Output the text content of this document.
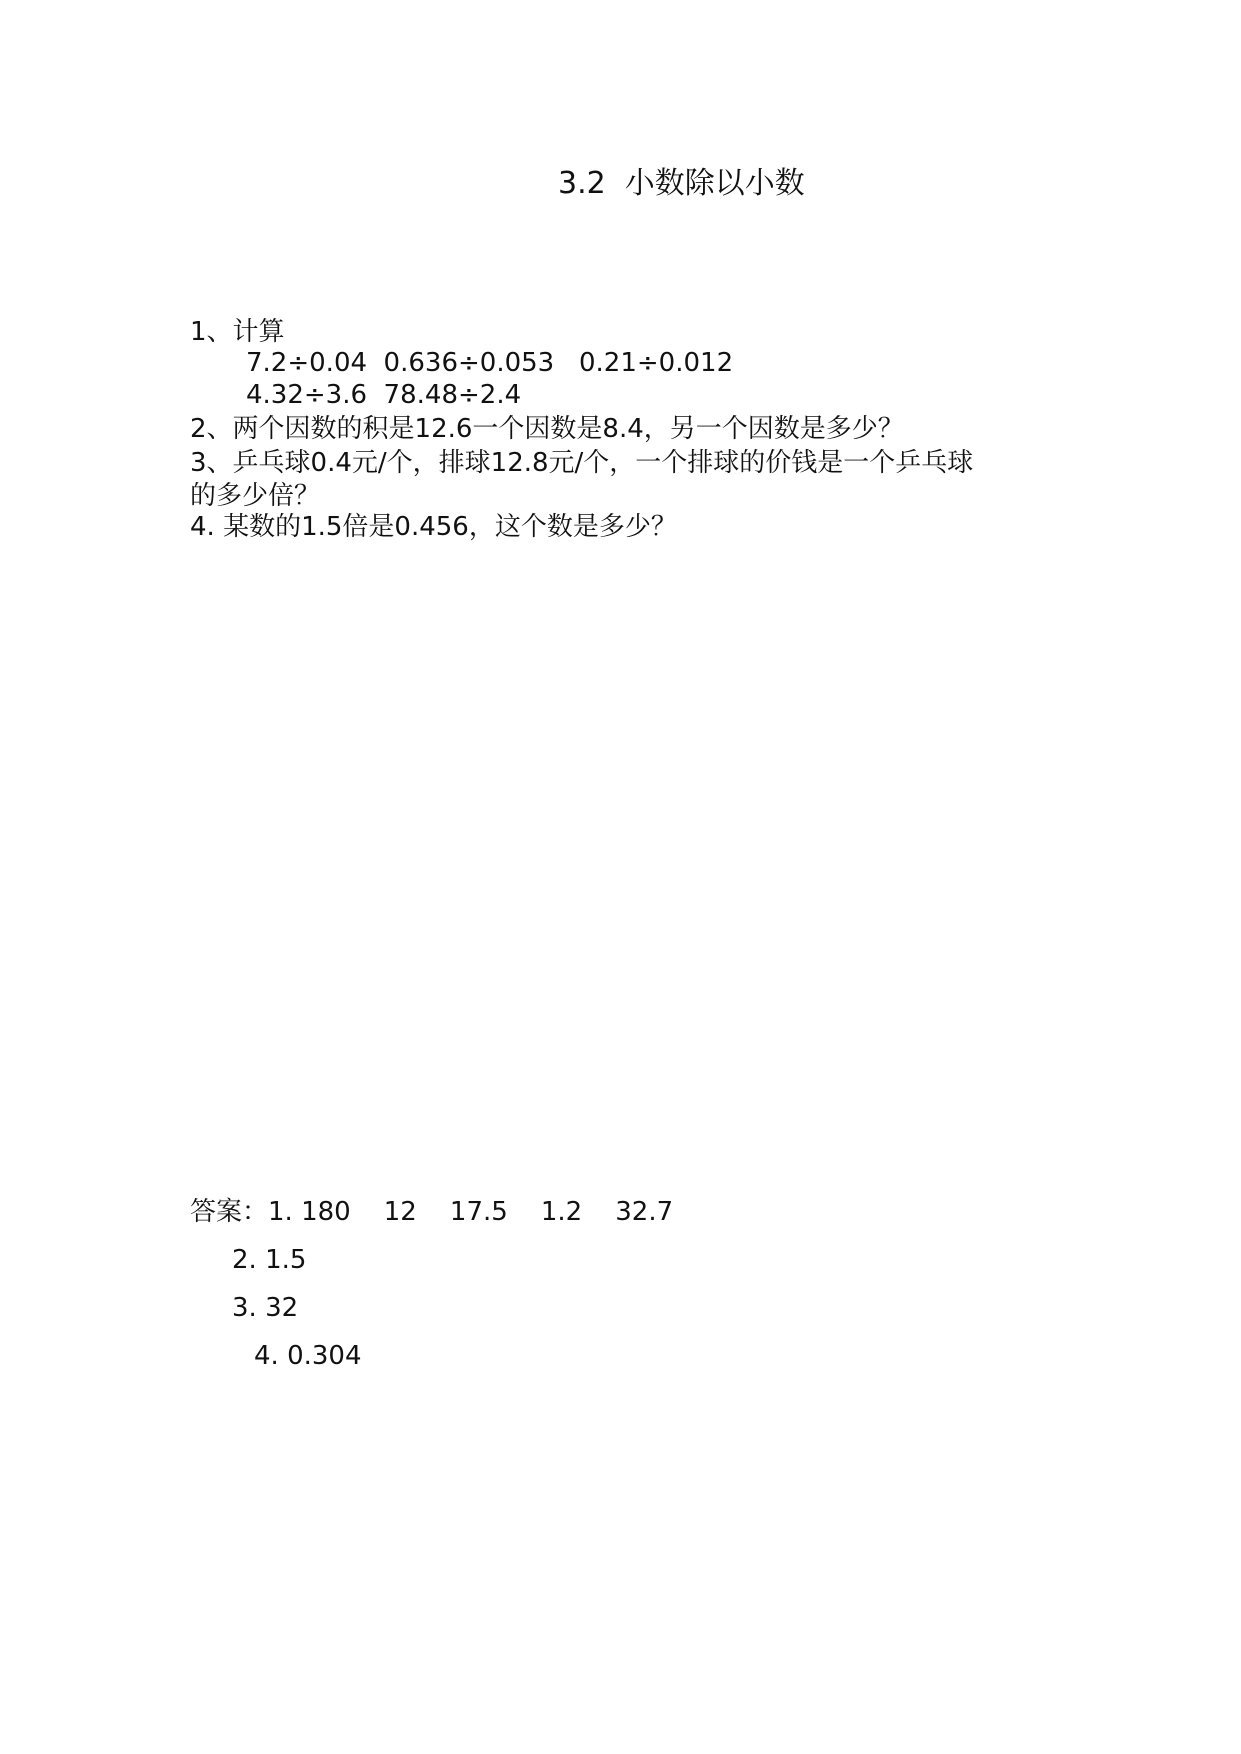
3.2  小数除以小数
1、计算
7.2÷0.04  0.636÷0.053   0.21÷0.012
4.32÷3.6  78.48÷2.4
2、两个因数的积是12.6一个因数是8.4，另一个因数是多少？
3、乒乓球0.4元/个，排球12.8元/个，一个排球的价钱是一个乒乓球
的多少倍？
4. 某数的1.5倍是0.456，这个数是多少？
答案：1. 180    12    17.5    1.2    32.7
2. 1.5
3. 32
4. 0.304
